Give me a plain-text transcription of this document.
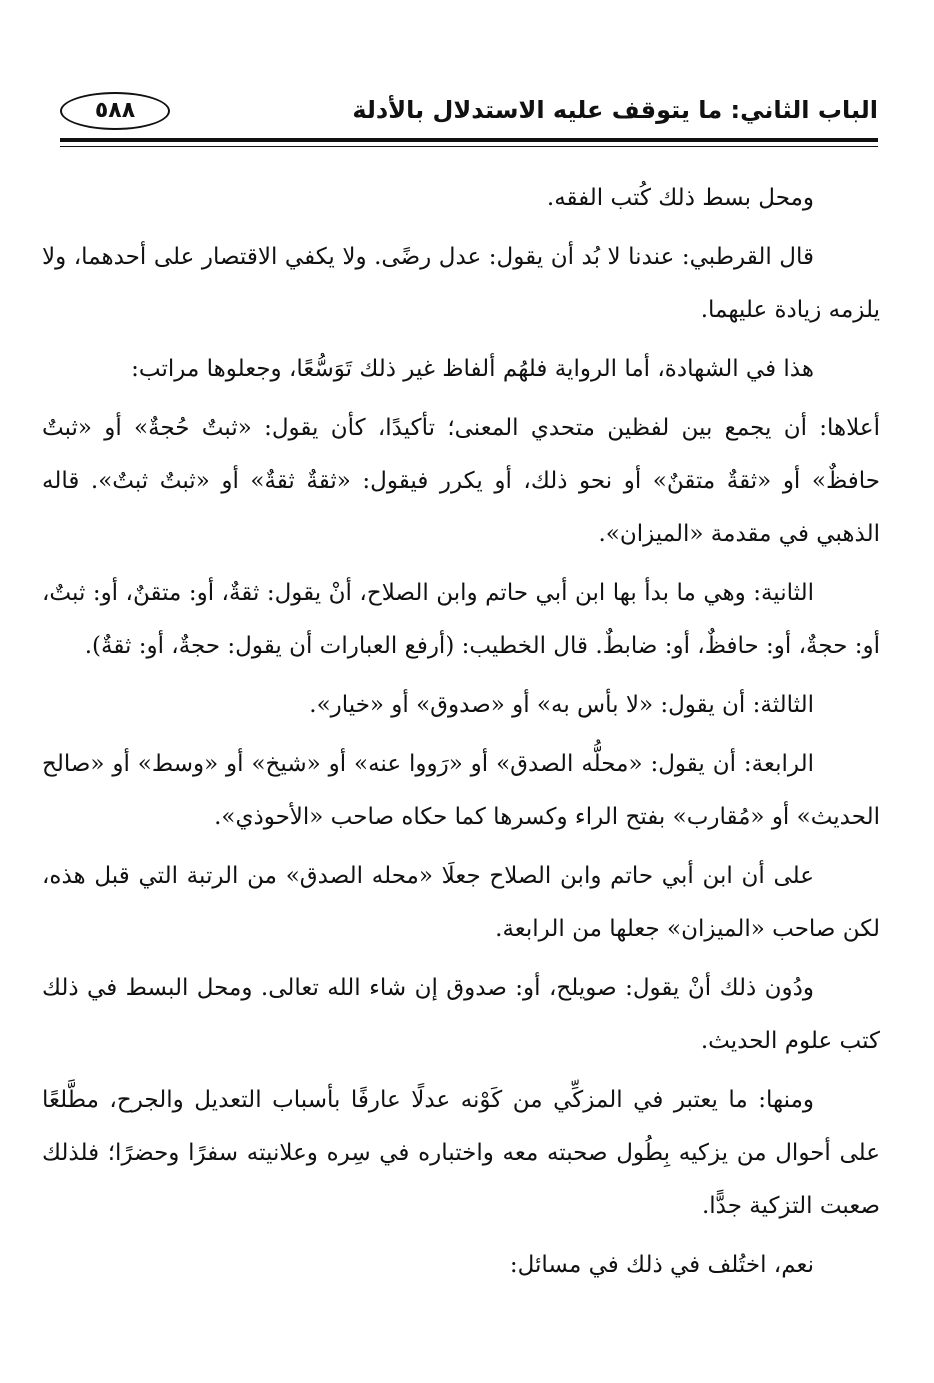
الباب الثاني: ما يتوقف عليه الاستدلال بالأدلة
٥٨٨

ومحل بسط ذلك كُتب الفقه.

قال القرطبي: عندنا لا بُد أن يقول: عدل رضًى. ولا يكفي الاقتصار على أحدهما، ولا يلزمه زيادة عليهما.

هذا في الشهادة، أما الرواية فلهُم ألفاظ غير ذلك تَوَسُّعًا، وجعلوها مراتب:

أعلاها: أن يجمع بين لفظين متحدي المعنى؛ تأكيدًا، كأن يقول: «ثبتٌ حُجةٌ» أو «ثبتٌ حافظٌ» أو «ثقةٌ متقنٌ» أو نحو ذلك، أو يكرر فيقول: «ثقةٌ ثقةٌ» أو «ثبتٌ ثبتٌ». قاله الذهبي في مقدمة «الميزان».

الثانية: وهي ما بدأ بها ابن أبي حاتم وابن الصلاح، أنْ يقول: ثقةٌ، أو: متقنٌ، أو: ثبتٌ، أو: حجةٌ، أو: حافظٌ، أو: ضابطٌ. قال الخطيب: (أرفع العبارات أن يقول: حجةٌ، أو: ثقةٌ).

الثالثة: أن يقول: «لا بأس به» أو «صدوق» أو «خيار».

الرابعة: أن يقول: «محلُّه الصدق» أو «رَووا عنه» أو «شيخ» أو «وسط» أو «صالح الحديث» أو «مُقارب» بفتح الراء وكسرها كما حكاه صاحب «الأحوذي».

على أن ابن أبي حاتم وابن الصلاح جعلَا «محله الصدق» من الرتبة التي قبل هذه، لكن صاحب «الميزان» جعلها من الرابعة.

ودُون ذلك أنْ يقول: صويلح، أو: صدوق إن شاء الله تعالى. ومحل البسط في ذلك كتب علوم الحديث.

ومنها: ما يعتبر في المزكِّي من كَوْنه عدلًا عارفًا بأسباب التعديل والجرح، مطَّلعًا على أحوال من يزكيه بِطُول صحبته معه واختباره في سِره وعلانيته سفرًا وحضرًا؛ فلذلك صعبت التزكية جدًّا.

نعم، اختُلف في ذلك في مسائل:
